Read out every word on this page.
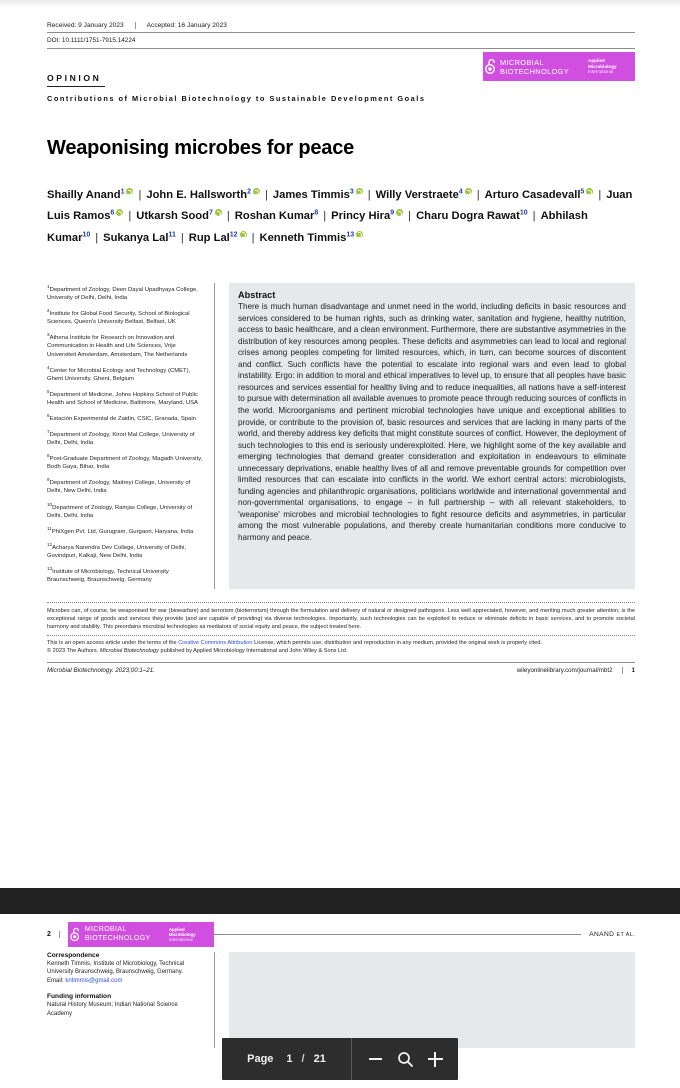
Received: 9 January 2023	Accepted: 16 January 2023
DOI: 10.1111/1751-7915.14224
MICROBIAL
BIOTECHNOLOGY
Applied
Microbiology
International
OPINION
Contributions of Microbial Biotechnology to Sustainable Development Goals
Weaponising microbes for peace
Shailly Anand$^1$ | John E. Hallsworth$^2$ | James Timmis$^3$ | Willy Verstraete$^4$ | Arturo Casadevall$^5$ | Juan Luis Ramos$^6$ | Utkarsh Sood$^7$ | Roshan Kumar$^8$ | Princy Hira$^9$ | Charu Dogra Rawat$^{10}$ | Abhilash Kumar$^{10}$ | Sukanya Lal$^{11}$ | Rup Lal$^{12}$ | Kenneth Timmis$^{13}$
$^1$Department of Zoology, Deen Dayal Upadhyaya College, University of Delhi, Delhi, India
$^2$Institute for Global Food Security, School of Biological Sciences, Queen's University Belfast, Belfast, UK
$^3$Athena Institute for Research on Innovation and Communication in Health and Life Sciences, Vrije Universiteit Amsterdam, Amsterdam, The Netherlands
$^4$Center for Microbial Ecology and Technology (CMET), Ghent University, Ghent, Belgium
$^5$Department of Medicine, Johns Hopkins School of Public Health and School of Medicine, Baltimore, Maryland, USA
$^6$Estación Experimental de Zaidin, CSIC, Granada, Spain
$^7$Department of Zoology, Kirori Mal College, University of Delhi, Delhi, India
$^8$Post-Graduate Department of Zoology, Magadh University, Bodh Gaya, Bihar, India
$^9$Department of Zoology, Maitreyi College, University of Delhi, New Delhi, India
$^{10}$Department of Zoology, Ramjas College, University of Delhi, Delhi, India
$^{11}$PhiXgen Pvt. Ltd, Gurugram, Gurgaon, Haryana, India
$^{12}$Acharya Narendra Dev College, University of Delhi, Govindpuri, Kalkaji, New Delhi, India
$^{13}$Institute of Microbiology, Technical University Braunschweig, Braunschweig, Germany
Abstract
There is much human disadvantage and unmet need in the world, including deficits in basic resources and services considered to be human rights, such as drinking water, sanitation and hygiene, healthy nutrition, access to basic healthcare, and a clean environment. Furthermore, there are substantive asymmetries in the distribution of key resources among peoples. These deficits and asymmetries can lead to local and regional crises among peoples competing for limited resources, which, in turn, can become sources of discontent and conflict. Such conflicts have the potential to escalate into regional wars and even lead to global instability. Ergo: in addition to moral and ethical imperatives to level up, to ensure that all peoples have basic resources and services essential for healthy living and to reduce inequalities, all nations have a self-interest to pursue with determination all available avenues to promote peace through reducing sources of conflicts in the world. Microorganisms and pertinent microbial technologies have unique and exceptional abilities to provide, or contribute to the provision of, basic resources and services that are lacking in many parts of the world, and thereby address key deficits that might constitute sources of conflict. However, the deployment of such technologies to this end is seriously underexploited. Here, we highlight some of the key available and emerging technologies that demand greater consideration and exploitation in endeavours to eliminate unnecessary deprivations, enable healthy lives of all and remove preventable grounds for competition over limited resources that can escalate into conflicts in the world. We exhort central actors: microbiologists, funding agencies and philanthropic organisations, politicians worldwide and international governmental and non-governmental organisations, to engage – in full partnership – with all relevant stakeholders, to 'weaponise' microbes and microbial technologies to fight resource deficits and asymmetries, in particular among the most vulnerable populations, and thereby create humanitarian conditions more conducive to harmony and peace.
Microbes can, of course, be weaponised for war (biowarfare) and terrorism (bioterrorism) through the formulation and delivery of natural or designed pathogens. Less well appreciated, however, and meriting much greater attention, is the exceptional range of goods and services they provide (and are capable of providing) via diverse technologies. Importantly, such technologies can be exploited to reduce or eliminate deficits in basic services, and to promote societal harmony and stability. This preordains microbial technologies as mediators of social equity and peace, the subject treated here.
This is an open access article under the terms of the Creative Commons Attribution License, which permits use, distribution and reproduction in any medium, provided the original work is properly cited.
© 2023 The Authors. Microbial Biotechnology published by Applied Microbiology International and John Wiley & Sons Ltd.
Microbial Biotechnology. 2023;00:1–21.	wileyonlinelibrary.com/journal/mbt2	1
2
MICROBIAL
BIOTECHNOLOGY
Applied
Microbiology
International
ANAND ET AL.
Correspondence
Kenneth Timmis, Institute of Microbiology, Technical University Braunschweig, Braunschweig, Germany.
Email: kntimmis@gmail.com
Funding information
Natural History Museum; Indian National Science Academy
Page 1 / 21
